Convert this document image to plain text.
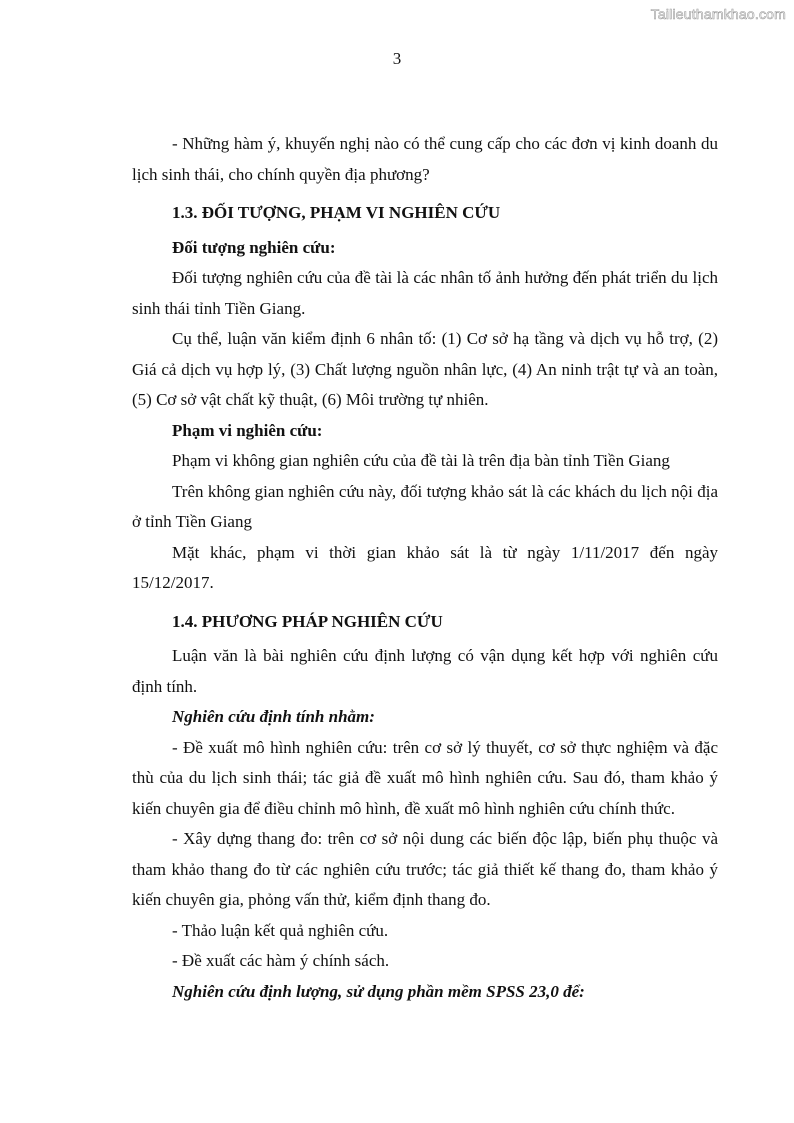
Tailieuthamkhao.com
3

- Những hàm ý, khuyến nghị nào có thể cung cấp cho các đơn vị kinh doanh du lịch sinh thái, cho chính quyền địa phương?

1.3. ĐỐI TƯỢNG, PHẠM VI NGHIÊN CỨU
Đối tượng nghiên cứu:

Đối tượng nghiên cứu của đề tài là các nhân tố ảnh hưởng đến phát triển du lịch sinh thái tỉnh Tiền Giang.

Cụ thể, luận văn kiểm định 6 nhân tố: (1) Cơ sở hạ tầng và dịch vụ hỗ trợ, (2) Giá cả dịch vụ hợp lý, (3) Chất lượng nguồn nhân lực, (4) An ninh trật tự và an toàn, (5) Cơ sở vật chất kỹ thuật, (6) Môi trường tự nhiên.

Phạm vi nghiên cứu:

Phạm vi không gian nghiên cứu của đề tài là trên địa bàn tỉnh Tiền Giang

Trên không gian nghiên cứu này, đối tượng khảo sát là các khách du lịch nội địa ở tỉnh Tiền Giang

Mặt khác, phạm vi thời gian khảo sát là từ ngày 1/11/2017 đến ngày 15/12/2017.

1.4. PHƯƠNG PHÁP NGHIÊN CỨU

Luận văn là bài nghiên cứu định lượng có vận dụng kết hợp với nghiên cứu định tính.

Nghiên cứu định tính nhằm:

- Đề xuất mô hình nghiên cứu: trên cơ sở lý thuyết, cơ sở thực nghiệm và đặc thù của du lịch sinh thái; tác giả đề xuất mô hình nghiên cứu. Sau đó, tham khảo ý kiến chuyên gia để điều chỉnh mô hình, đề xuất mô hình nghiên cứu chính thức.

- Xây dựng thang đo: trên cơ sở nội dung các biến độc lập, biến phụ thuộc và tham khảo thang đo từ các nghiên cứu trước; tác giả thiết kế thang đo, tham khảo ý kiến chuyên gia, phỏng vấn thử, kiểm định thang đo.

- Thảo luận kết quả nghiên cứu.

- Đề xuất các hàm ý chính sách.

Nghiên cứu định lượng, sử dụng phần mềm SPSS 23,0 để:
